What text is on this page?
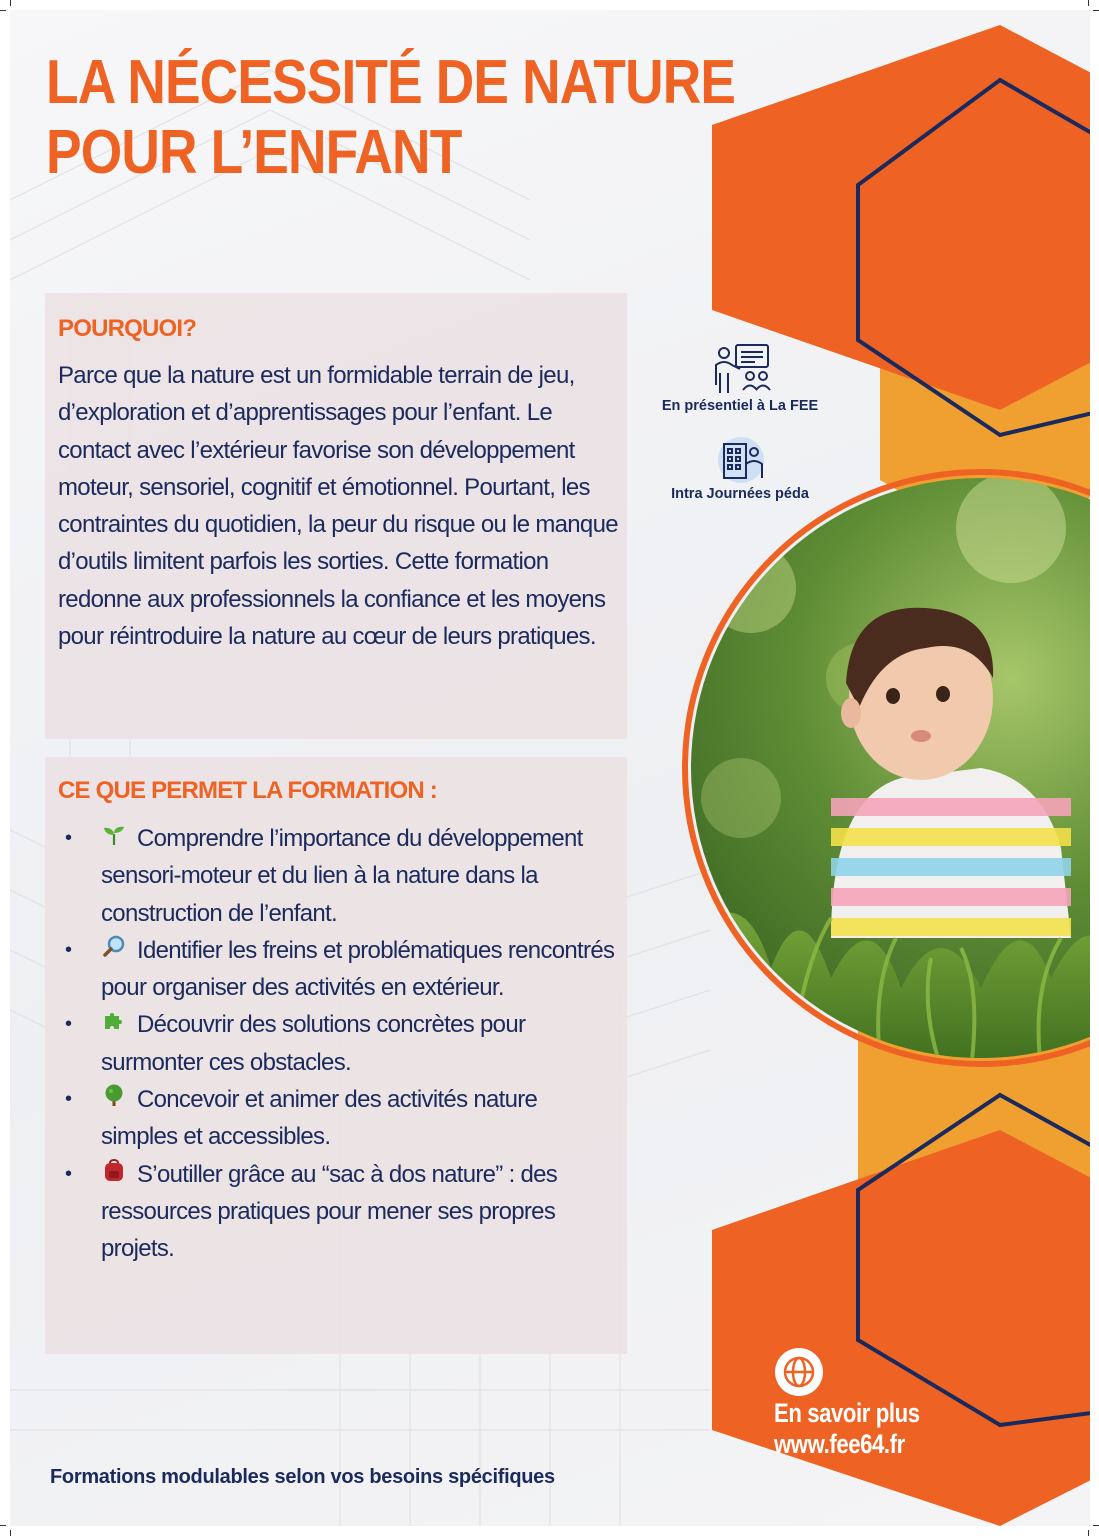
LA NÉCESSITÉ DE NATURE
POUR L’ENFANT
POURQUOI?

Parce que la nature est un formidable terrain de jeu, d’exploration et d’apprentissages pour l’enfant. Le contact avec l’extérieur favorise son développement moteur, sensoriel, cognitif et émotionnel. Pourtant, les contraintes du quotidien, la peur du risque ou le manque d’outils limitent parfois les sorties. Cette formation redonne aux professionnels la confiance et les moyens pour réintroduire la nature au cœur de leurs pratiques.

CE QUE PERMET LA FORMATION :
•	Comprendre l’importance du développement sensori-moteur et du lien à la nature dans la construction de l’enfant.
•	Identifier les freins et problématiques rencontrés pour organiser des activités en extérieur.
•	Découvrir des solutions concrètes pour surmonter ces obstacles.
•	Concevoir et animer des activités nature simples et accessibles.
•	S’outiller grâce au “sac à dos nature” : des ressources pratiques pour mener ses propres projets.
En présentiel à La FEE
Intra Journées péda
En savoir plus
www.fee64.fr
Formations modulables selon vos besoins spécifiques
